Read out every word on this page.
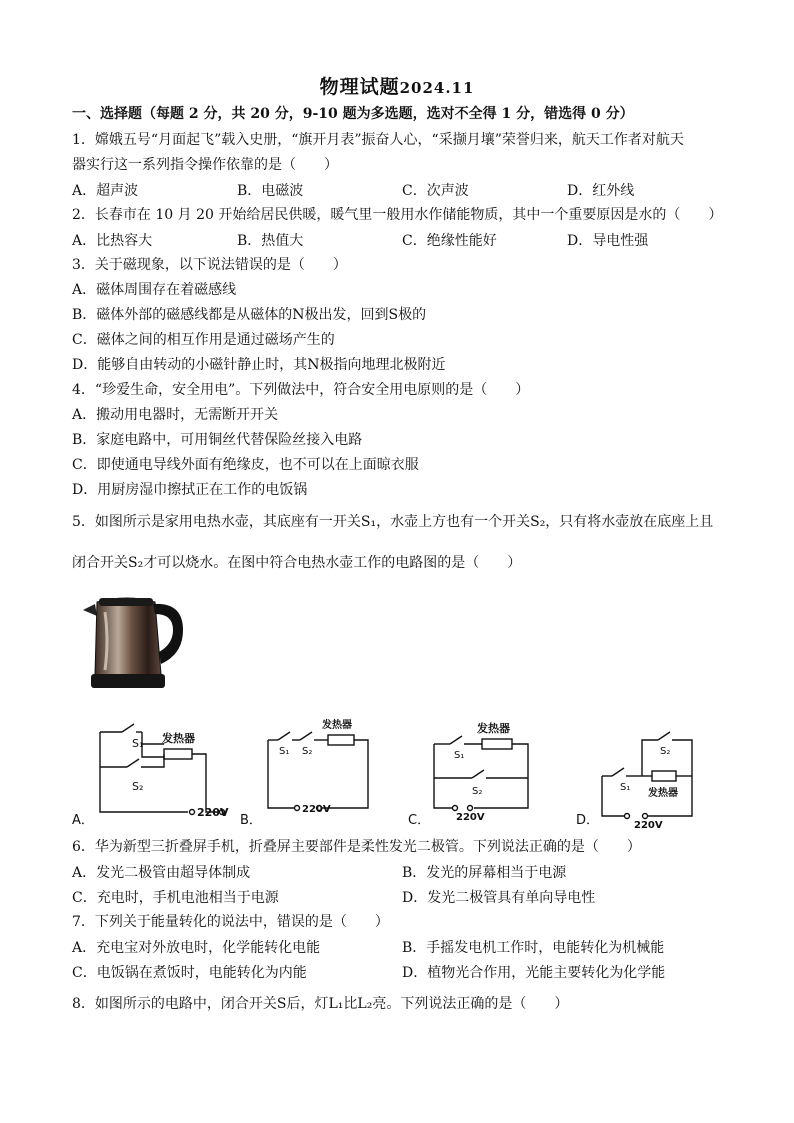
物理试题2024.11
一、选择题（每题 2 分，共 20 分，9-10 题为多选题，选对不全得 1 分，错选得 0 分）
1．嫦娥五号“月面起飞”载入史册，“旗开月表”振奋人心，“采撷月壤”荣誉归来，航天工作者对航天
器实行这一系列指令操作依靠的是（　　）
A．超声波	B．电磁波	C．次声波	D．红外线
2．长春市在 10 月 20 开始给居民供暖，暖气里一般用水作储能物质，其中一个重要原因是水的（　　）
A．比热容大	B．热值大	C．绝缘性能好	D．导电性强
3．关于磁现象，以下说法错误的是（　　）
A．磁体周围存在着磁感线
B．磁体外部的磁感线都是从磁体的N极出发，回到S极的
C．磁体之间的相互作用是通过磁场产生的
D．能够自由转动的小磁针静止时，其N极指向地理北极附近
4．“珍爱生命，安全用电”。下列做法中，符合安全用电原则的是（　　）
A．搬动用电器时，无需断开开关
B．家庭电路中，可用铜丝代替保险丝接入电路
C．即使通电导线外面有绝缘皮，也不可以在上面晾衣服
D．用厨房湿巾擦拭正在工作的电饭锅
5．如图所示是家用电热水壶，其底座有一开关S₁，水壶上方也有一个开关S₂，只有将水壶放在底座上且
闭合开关S₂才可以烧水。在图中符合电热水壶工作的电路图的是（　　）
S₁ 发热器
S₂
220V
A．
S₁ S₂
发热器
220V
B．
S₁
发热器
S₂
220V
C．
S₁
S₂
发热器
220V
D．
6．华为新型三折叠屏手机，折叠屏主要部件是柔性发光二极管。下列说法正确的是（　　）
A．发光二极管由超导体制成	B．发光的屏幕相当于电源
C．充电时，手机电池相当于电源	D．发光二极管具有单向导电性
7．下列关于能量转化的说法中，错误的是（　　）
A．充电宝对外放电时，化学能转化电能	B．手摇发电机工作时，电能转化为机械能
C．电饭锅在煮饭时，电能转化为内能	D．植物光合作用，光能主要转化为化学能
8．如图所示的电路中，闭合开关S后，灯L₁比L₂亮。下列说法正确的是（　　）
